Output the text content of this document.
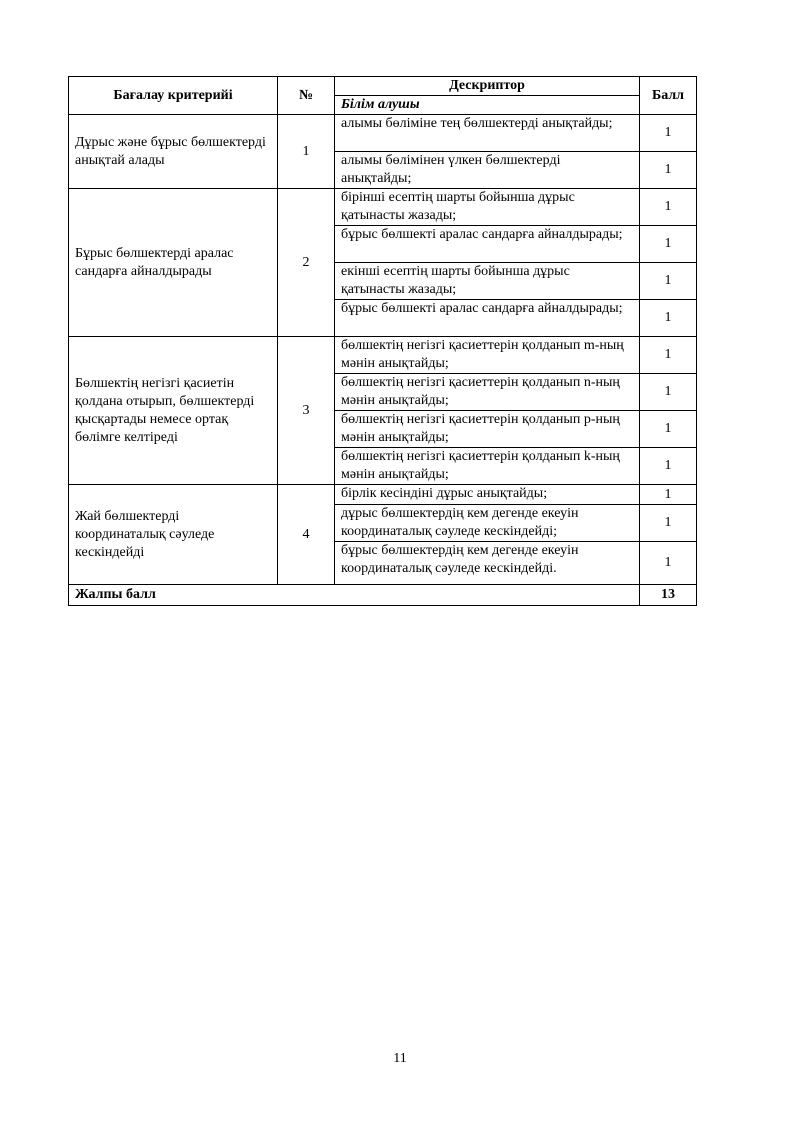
Бағалау критерийі	№	Дескриптор	Балл
		Білім алушы	
Дұрыс және бұрыс бөлшектерді анықтай алады	1	алымы бөліміне тең бөлшектерді анықтайды;	1
		алымы бөлімінен үлкен бөлшектерді анықтайды;	1
Бұрыс бөлшектерді аралас сандарға айналдырады	2	бірінші есептің шарты бойынша дұрыс қатынасты жазады;	1
		бұрыс бөлшекті аралас сандарға айналдырады;	1
		екінші есептің шарты бойынша дұрыс қатынасты жазады;	1
		бұрыс бөлшекті аралас сандарға айналдырады;	1
Бөлшектің негізгі қасиетін қолдана отырып, бөлшектерді қысқартады немесе ортақ бөлімге келтіреді	3	бөлшектің негізгі қасиеттерін қолданып m-ның мәнін анықтайды;	1
		бөлшектің негізгі қасиеттерін қолданып n-ның мәнін анықтайды;	1
		бөлшектің негізгі қасиеттерін қолданып p-ның мәнін анықтайды;	1
		бөлшектің негізгі қасиеттерін қолданып k-ның мәнін анықтайды;	1
Жай бөлшектерді координаталық сәуледе кескіндейді	4	бірлік кесіндіні дұрыс анықтайды;	1
		дұрыс бөлшектердің кем дегенде екеуін координаталық сәуледе кескіндейді;	1
		бұрыс бөлшектердің кем дегенде екеуін координаталық сәуледе кескіндейді.	1
Жалпы балл			13
11
